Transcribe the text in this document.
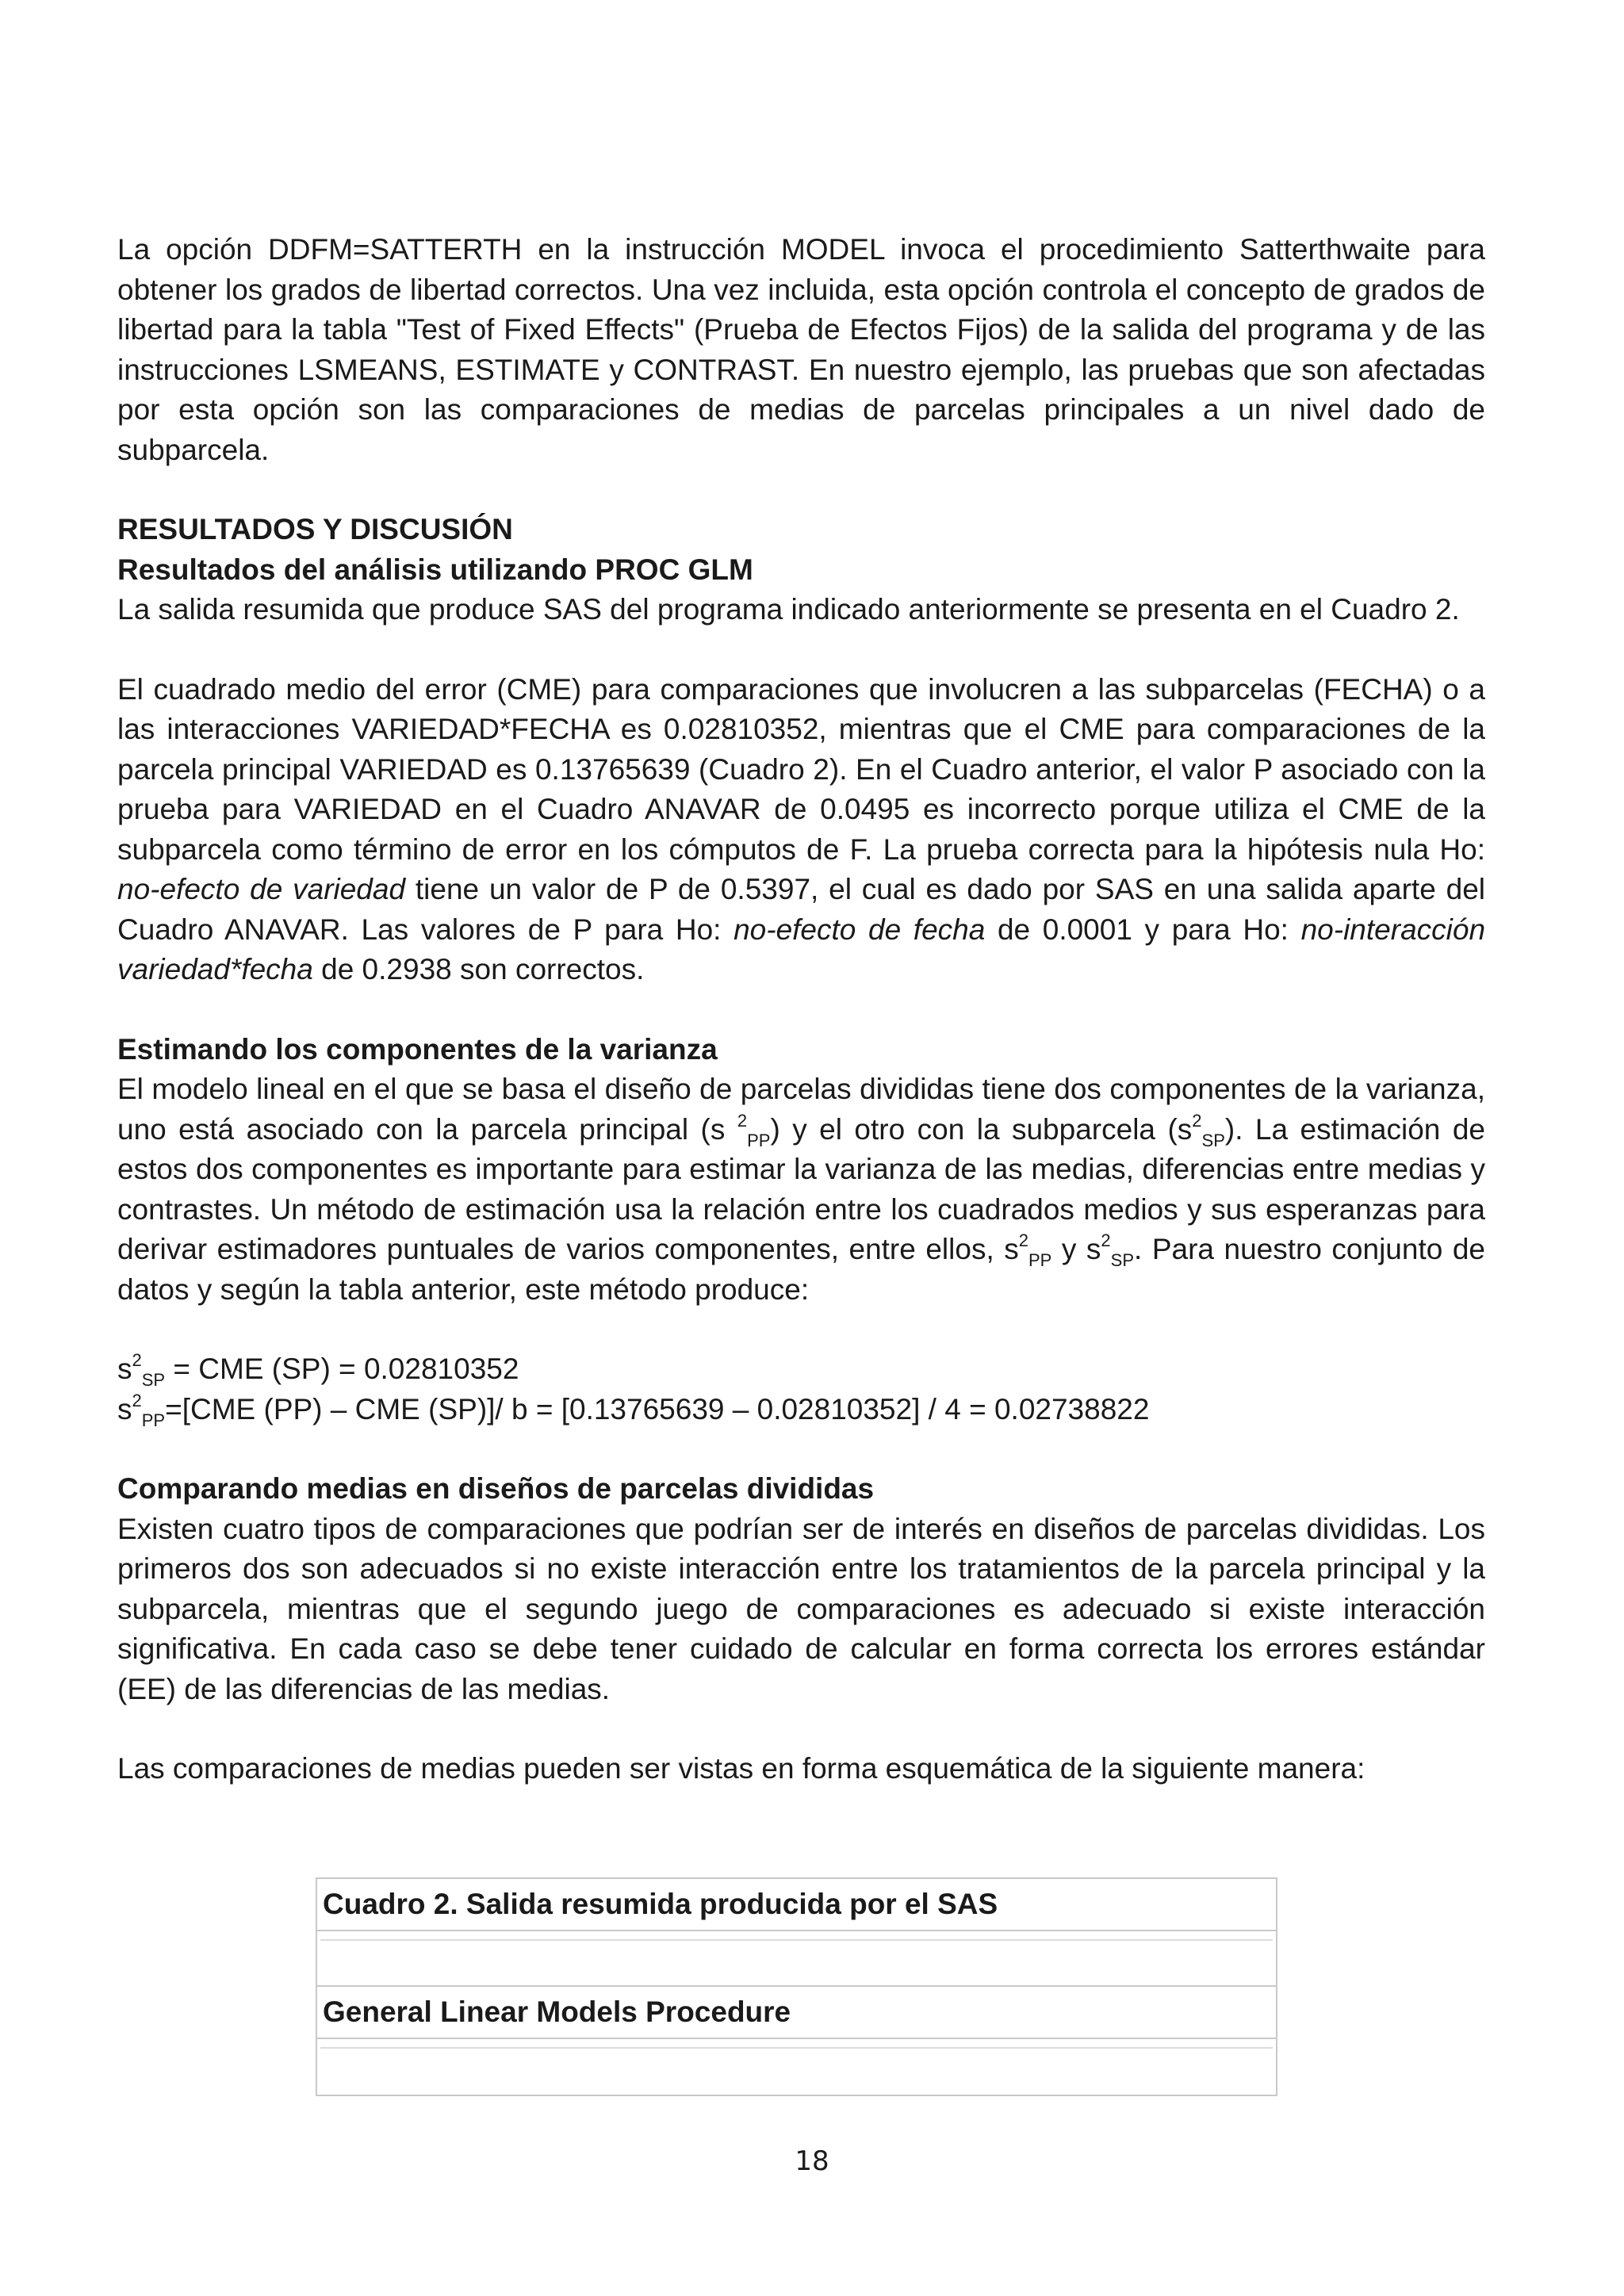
La opción DDFM=SATTERTH en la instrucción MODEL invoca el procedimiento Satterthwaite para obtener los grados de libertad correctos. Una vez incluida, esta opción controla el concepto de grados de libertad para la tabla "Test of Fixed Effects" (Prueba de Efectos Fijos) de la salida del programa y de las instrucciones LSMEANS, ESTIMATE y CONTRAST. En nuestro ejemplo, las pruebas que son afectadas por esta opción son las comparaciones de medias de parcelas principales a un nivel dado de subparcela.

RESULTADOS Y DISCUSIÓN
Resultados del análisis utilizando PROC GLM

La salida resumida que produce SAS del programa indicado anteriormente se presenta en el Cuadro 2.

El cuadrado medio del error (CME) para comparaciones que involucren a las subparcelas (FECHA) o a las interacciones VARIEDAD*FECHA es 0.02810352, mientras que el CME para comparaciones de la parcela principal VARIEDAD es 0.13765639 (Cuadro 2). En el Cuadro anterior, el valor P asociado con la prueba para VARIEDAD en el Cuadro ANAVAR de 0.0495 es incorrecto porque utiliza el CME de la subparcela como término de error en los cómputos de F. La prueba correcta para la hipótesis nula Ho: no-efecto de variedad tiene un valor de P de 0.5397, el cual es dado por SAS en una salida aparte del Cuadro ANAVAR. Las valores de P para Ho: no-efecto de fecha de 0.0001 y para Ho: no-interacción variedad*fecha de 0.2938 son correctos.

Estimando los componentes de la varianza

El modelo lineal en el que se basa el diseño de parcelas divididas tiene dos componentes de la varianza, uno está asociado con la parcela principal (s $^2_{PP}$) y el otro con la subparcela $(s^2_{SP})$. La estimación de estos dos componentes es importante para estimar la varianza de las medias, diferencias entre medias y contrastes. Un método de estimación usa la relación entre los cuadrados medios y sus esperanzas para derivar estimadores puntuales de varios componentes, entre ellos, $s^2_{PP}$ y $s^2_{SP}$. Para nuestro conjunto de datos y según la tabla anterior, este método produce:

$s^2_{SP}$ = CME (SP) = 0.02810352

$s^2_{PP}=[CME$ (PP) – CME (SP)]/ b = [0.13765639 – 0.02810352] / 4 = 0.02738822

Comparando medias en diseños de parcelas divididas

Existen cuatro tipos de comparaciones que podrían ser de interés en diseños de parcelas divididas. Los primeros dos son adecuados si no existe interacción entre los tratamientos de la parcela principal y la subparcela, mientras que el segundo juego de comparaciones es adecuado si existe interacción significativa. En cada caso se debe tener cuidado de calcular en forma correcta los errores estándar (EE) de las diferencias de las medias.

Las comparaciones de medias pueden ser vistas en forma esquemática de la siguiente manera:

Cuadro 2. Salida resumida producida por el SAS
General Linear Models Procedure
18
